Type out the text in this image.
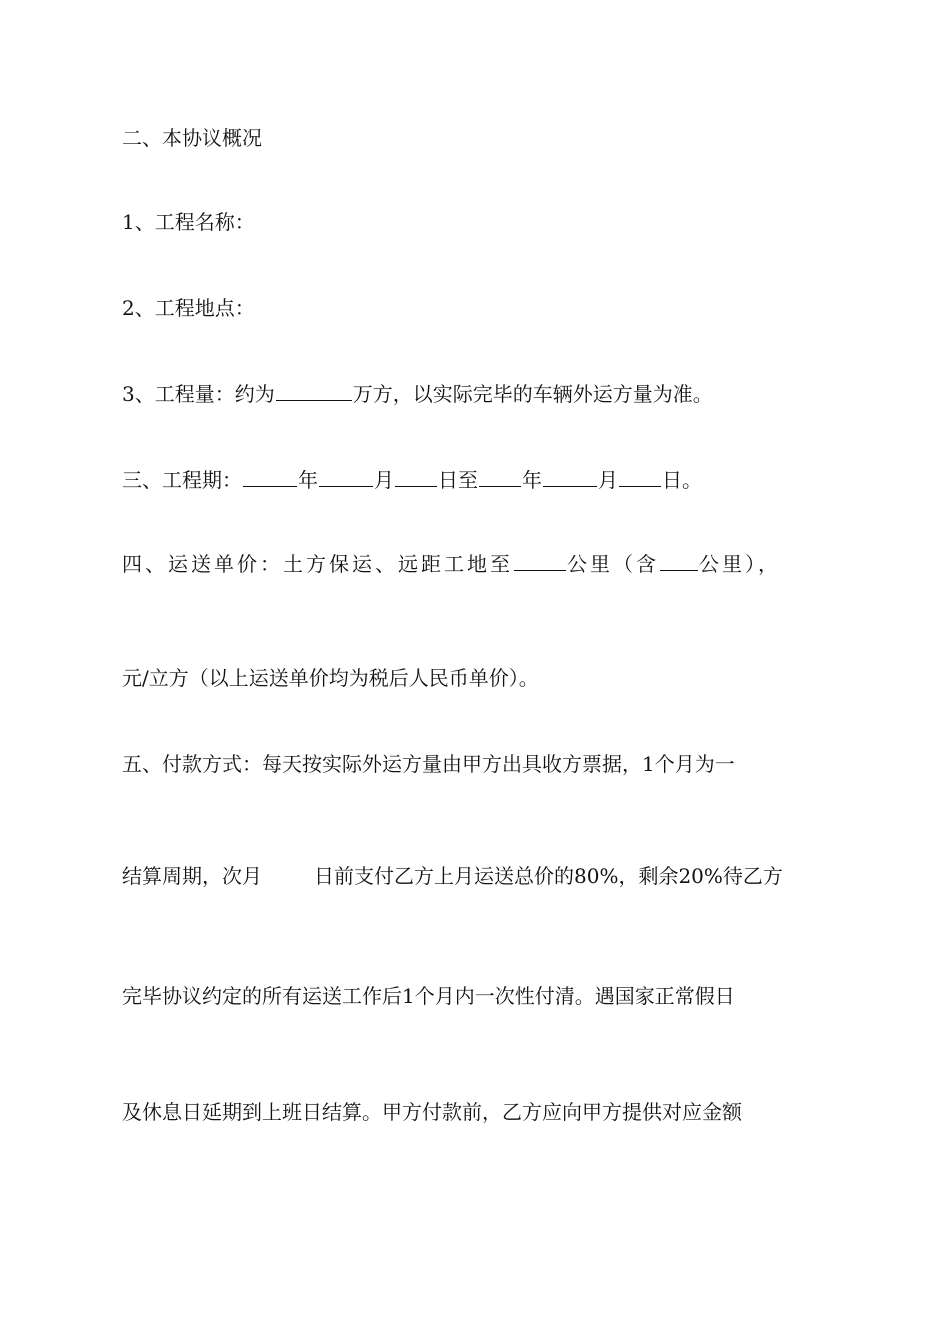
二、本协议概况

1、工程名称：

2、工程地点：

3、工程量：约为	万方，以实际完毕的车辆外运方量为准。

三、工程期：	年	月 日至 年	月 日。

四、运送单价：土方保运、远距工地至	公里（含 公里），

元/立方（以上运送单价均为税后人民币单价）。

五、付款方式：每天按实际外运方量由甲方出具收方票据，1个月为一

结算周期，次月	日前支付乙方上月运送总价的80%，剩余20%待乙方

完毕协议约定的所有运送工作后1个月内一次性付清。遇国家正常假日

及休息日延期到上班日结算。甲方付款前，乙方应向甲方提供对应金额
